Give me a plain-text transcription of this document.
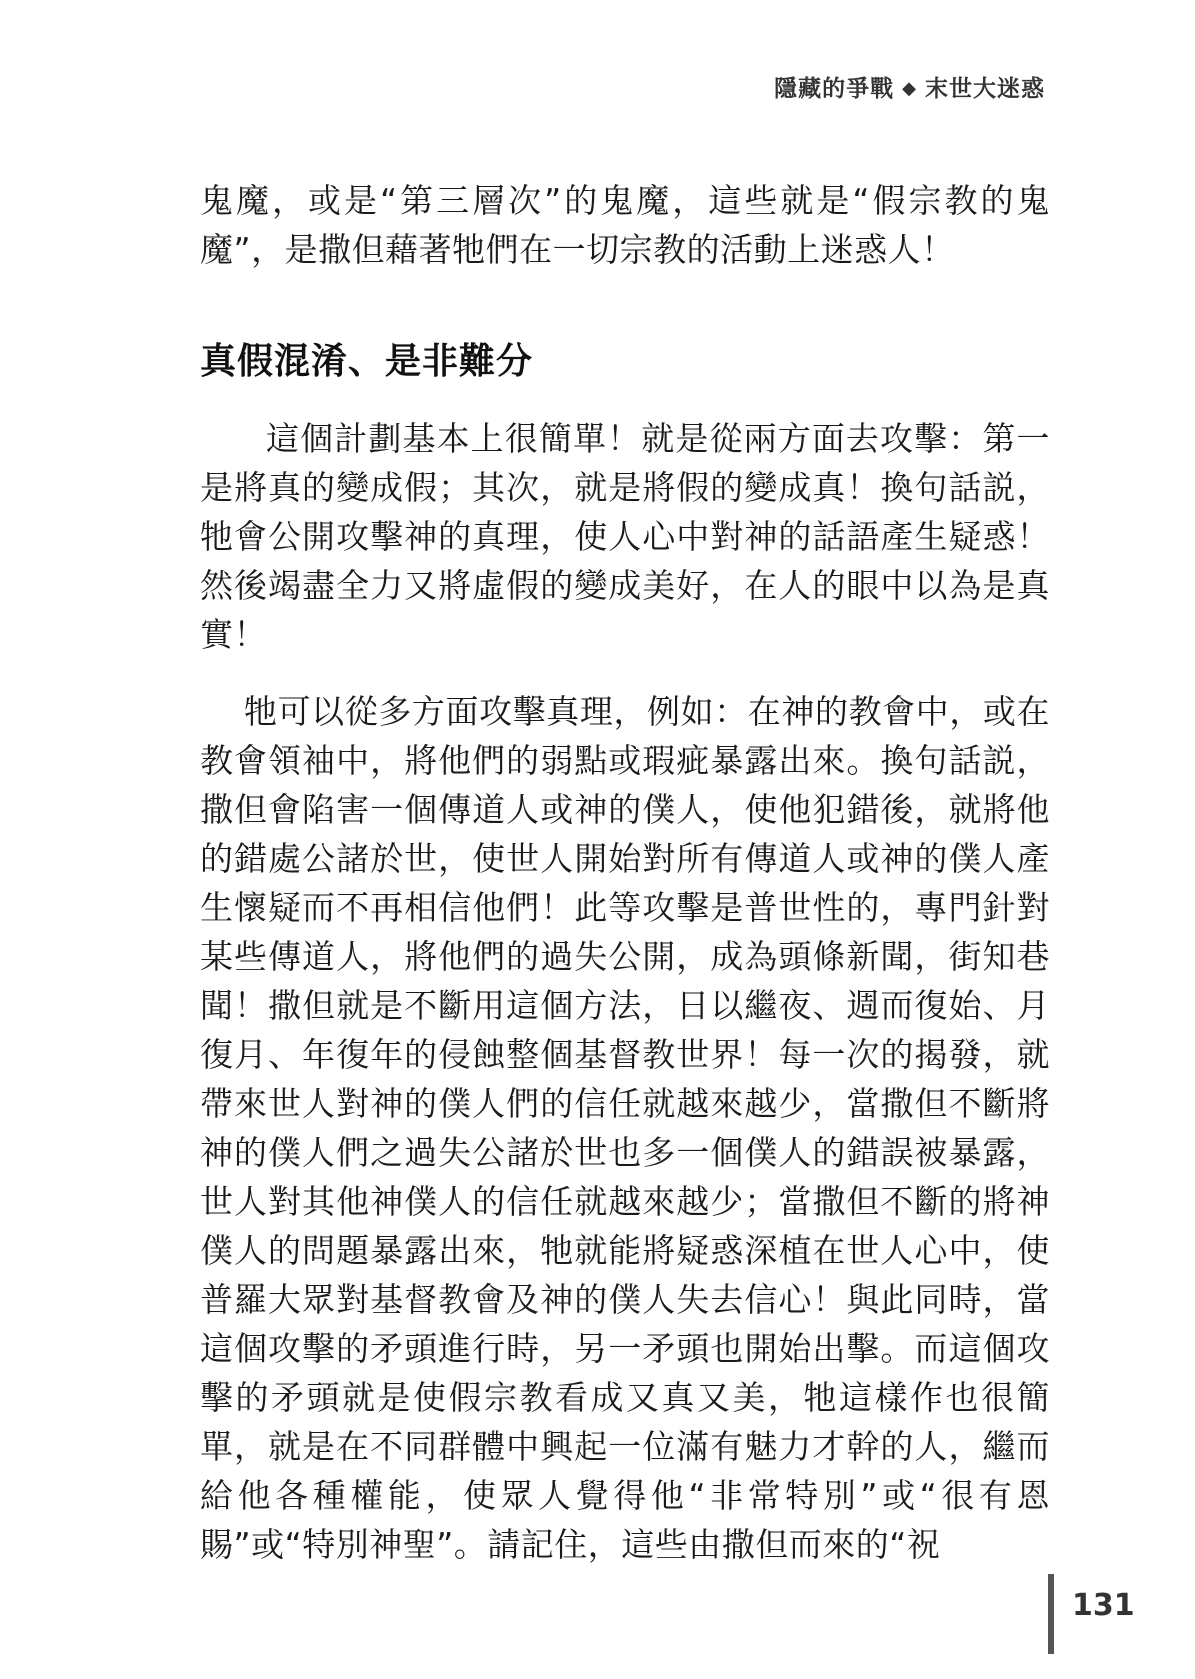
隱藏的爭戰 ◆ 末世大迷惑
鬼魔，或是“第三層次”的鬼魔，這些就是“假宗教的鬼魔”，是撒但藉著牠們在一切宗教的活動上迷惑人！
真假混淆、是非難分
這個計劃基本上很簡單！就是從兩方面去攻擊：第一是將真的變成假；其次，就是將假的變成真！換句話説，牠會公開攻擊神的真理，使人心中對神的話語產生疑惑！然後竭盡全力又將虛假的變成美好，在人的眼中以為是真實！
牠可以從多方面攻擊真理，例如：在神的教會中，或在教會領袖中，將他們的弱點或瑕疵暴露出來。換句話説，撒但會陷害一個傳道人或神的僕人，使他犯錯後，就將他的錯處公諸於世，使世人開始對所有傳道人或神的僕人產生懷疑而不再相信他們！此等攻擊是普世性的，專門針對某些傳道人，將他們的過失公開，成為頭條新聞，街知巷聞！撒但就是不斷用這個方法，日以繼夜、週而復始、月復月、年復年的侵蝕整個基督教世界！每一次的揭發，就帶來世人對神的僕人們的信任就越來越少，當撒但不斷將神的僕人們之過失公諸於世也多一個僕人的錯誤被暴露，世人對其他神僕人的信任就越來越少；當撒但不斷的將神僕人的問題暴露出來，牠就能將疑惑深植在世人心中，使普羅大眾對基督教會及神的僕人失去信心！與此同時，當這個攻擊的矛頭進行時，另一矛頭也開始出擊。而這個攻擊的矛頭就是使假宗教看成又真又美，牠這樣作也很簡單，就是在不同群體中興起一位滿有魅力才幹的人，繼而給他各種權能，使眾人覺得他“非常特別”或“很有恩賜”或“特別神聖”。請記住，這些由撒但而來的“祝
131
